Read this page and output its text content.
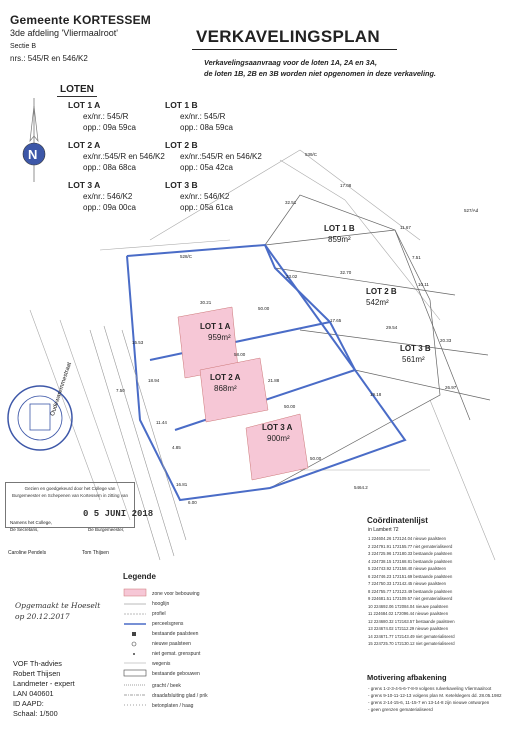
Gemeente KORTESSEM
3de afdeling 'Vliermaalroot'
Sectie B
nrs.: 545/R en 546/K2
VERKAVELINGSPLAN
Verkavelingsaanvraag voor de loten 1A, 2A en 3A,
de loten 1B, 2B en 3B worden niet opgenomen in deze verkaveling.
LOTEN
LOT 1 A
ex/nr.: 545/R
opp.: 09a 59ca
LOT 1 B
ex/nr.: 545/R
opp.: 08a 59ca
LOT 2 A
ex/nr.:545/R en 546/K2
opp.: 08a 68ca
LOT 2 B
ex/nr.:545/R en 546/K2
opp.: 05a 42ca
LOT 3 A
ex/nr.: 546/K2
opp.: 09a 00ca
LOT 3 B
ex/nr.: 546/K2
opp.: 05a 61ca
N
LOT 1 A
959m²
LOT 2 A
868m²
LOT 3 A
900m²
LOT 1 B
859m²
LOT 2 B
542m²
LOT 3 B
561m²
Oudewaremmestraat
539/C
528/C
527/Ad
5464.2
32.51
17.08
11.67
23.02
32.70
10.11
29.54
20.33
26.97
50.00
58.00
50.00
15.53
30.21
21.88
17.65
19.18
18.94
11.44
16.81
6.00
7.50
7.51
4.85
50.00
Gezien en goedgekeurd door het College van Burgemeester en Schepenen van Kortessem in zitting van
0 5 JUNI 2018
Namens het College,
De Secretaris,	De Burgemeester,
Caroline Pendels	Tom Thijsen
Opgemaakt te Hoeselt
op 20.12.2017
VOF Th-advies
Robert Thijsen
Landmeter - expert
LAN 040601
ID AAPD:
Schaal: 1/500
Legende
zone voor bebouwing
hooglijn
profiel
perceelsgrens
bestaande paalsteen
nieuwe paalsteen
niet gemat. grenspunt
wegenis
bestaande gebouwen
gracht / beek
draadafsluiting glad / prik
betonplaten / haag
Coördinatenlijst
in Lambert 72
1 224604.26 172124.04 nieuwe paalsteen
2 224791.91 172155.77 niet gematerialiseerd
3 224725.96 172180.33 bestaande paalsteen
4 224738.15 172168.81 bestaande paalsteen
5 224743.92 172158.40 nieuwe paalsteen
6 224746.23 172151.69 bestaande paalsteen
7 224750.33 172142.45 nieuwe paalsteen
8 224755.77 172123.49 bestaande paalsteen
9 224681.51 172109.57 niet gematerialiseerd
10 224692.06 172084.04 nieuwe paalsteen
11 224684.02 172096.44 nieuwe paalsteen
12 224680.32 172163.57 bestaande paalsteen
13 224674.02 172112.29 nieuwe paalsteen
14 224671.77 172143.49 niet gematerialiseerd
15 224725.70 172130.12 niet gematerialiseerd
Motivering afbakening
- grens 1-2-3-4-5-6-7-8-9 volgens rulverkaveling Vliermaalroot
- grens 9-10-11-12-13 volgens plan M. Ketelslegers dd. 28.05.1982
- grens 2-14-15-6, 11-15-7 en 13-14-8 zijn nieuwe ontworpen
- geen grenzen gematerialiseerd
